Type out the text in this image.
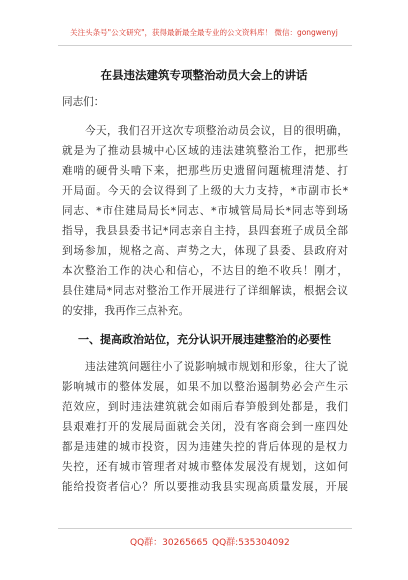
关注头条号"公文研究"，获得最新最全最专业的公文资料库！ 微信：gongwenyj
在县违法建筑专项整治动员大会上的讲话
同志们：
今天，我们召开这次专项整治动员会议，目的很明确，
就是为了推动县城中心区域的违法建筑整治工作，把那些
难啃的硬骨头啃下来，把那些历史遗留问题梳理清楚、打
开局面。今天的会议得到了上级的大力支持，*市副市长*
同志、*市住建局局长*同志、*市城管局局长*同志等到场
指导，我县县委书记*同志亲自主持，县四套班子成员全部
到场参加，规格之高、声势之大，体现了县委、县政府对
本次整治工作的决心和信心，不达目的绝不收兵！刚才，
县住建局*同志对整治工作开展进行了详细解读，根据会议
的安排，我再作三点补充。
一、提高政治站位，充分认识开展违建整治的必要性
违法建筑问题往小了说影响城市规划和形象，往大了说
影响城市的整体发展，如果不加以整治遏制势必会产生示
范效应，到时违法建筑就会如雨后春笋般到处都是，我们
县艰难打开的发展局面就会关闭，没有客商会到一座四处
都是违建的城市投资，因为违建失控的背后体现的是权力
失控，还有城市管理者对城市整体发展没有规划，这如何
能给投资者信心？所以要推动我县实现高质量发展，开展
QQ群：30265665 QQ群:535304092
